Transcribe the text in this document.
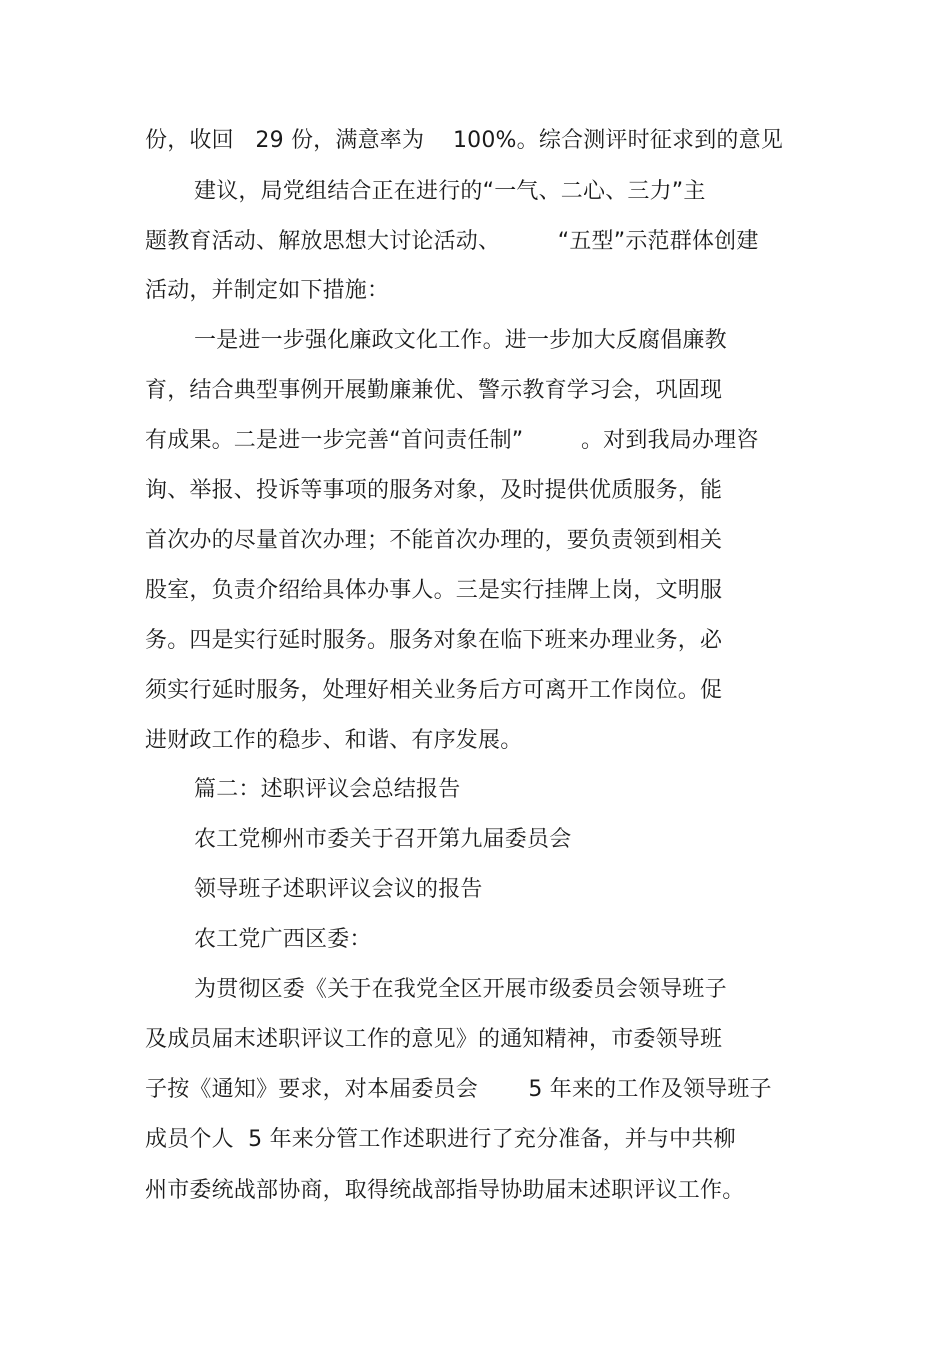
份，收回   29 份，满意率为    100%。综合测评时征求到的意见
建议，局党组结合正在进行的“一气、二心、三力”主
题教育活动、解放思想大讨论活动、        “五型”示范群体创建
活动，并制定如下措施：
一是进一步强化廉政文化工作。进一步加大反腐倡廉教
育，结合典型事例开展勤廉兼优、警示教育学习会，巩固现
有成果。二是进一步完善“首问责任制”        。对到我局办理咨
询、举报、投诉等事项的服务对象，及时提供优质服务，能
首次办的尽量首次办理；不能首次办理的，要负责领到相关
股室，负责介绍给具体办事人。三是实行挂牌上岗，文明服
务。四是实行延时服务。服务对象在临下班来办理业务，必
须实行延时服务，处理好相关业务后方可离开工作岗位。促
进财政工作的稳步、和谐、有序发展。
篇二：述职评议会总结报告
农工党柳州市委关于召开第九届委员会
领导班子述职评议会议的报告
农工党广西区委：
为贯彻区委《关于在我党全区开展市级委员会领导班子
及成员届末述职评议工作的意见》的通知精神，市委领导班
子按《通知》要求，对本届委员会       5 年来的工作及领导班子
成员个人  5 年来分管工作述职进行了充分准备，并与中共柳
州市委统战部协商，取得统战部指导协助届末述职评议工作。
